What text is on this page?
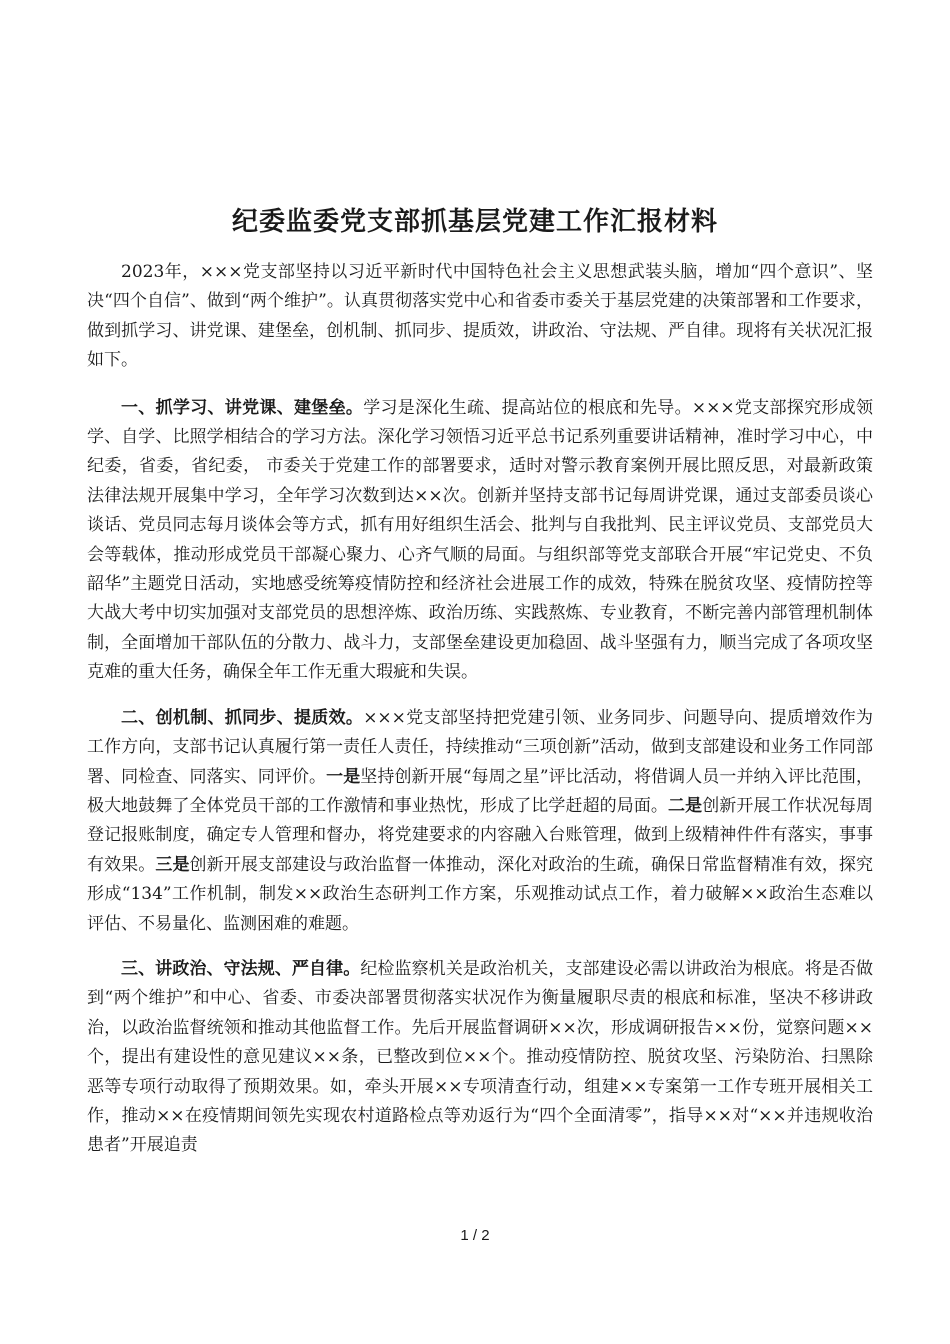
纪委监委党支部抓基层党建工作汇报材料

2023年，×××党支部坚持以习近平新时代中国特色社会主义思想武装头脑，增加“四个意识”、坚决“四个自信”、做到“两个维护”。认真贯彻落实党中心和省委市委关于基层党建的决策部署和工作要求，做到抓学习、讲党课、建堡垒，创机制、抓同步、提质效，讲政治、守法规、严自律。现将有关状况汇报如下。

一、抓学习、讲党课、建堡垒。学习是深化生疏、提高站位的根底和先导。×××党支部探究形成领学、自学、比照学相结合的学习方法。深化学习领悟习近平总书记系列重要讲话精神，准时学习中心，中纪委，省委，省纪委， 市委关于党建工作的部署要求，适时对警示教育案例开展比照反思，对最新政策法律法规开展集中学习，全年学习次数到达××次。创新并坚持支部书记每周讲党课，通过支部委员谈心谈话、党员同志每月谈体会等方式，抓有用好组织生活会、批判与自我批判、民主评议党员、支部党员大会等载体，推动形成党员干部凝心聚力、心齐气顺的局面。与组织部等党支部联合开展“牢记党史、不负韶华”主题党日活动，实地感受统筹疫情防控和经济社会进展工作的成效，特殊在脱贫攻坚、疫情防控等大战大考中切实加强对支部党员的思想淬炼、政治历练、实践熬炼、专业教育，不断完善内部管理机制体制，全面增加干部队伍的分散力、战斗力，支部堡垒建设更加稳固、战斗坚强有力，顺当完成了各项攻坚克难的重大任务，确保全年工作无重大瑕疵和失误。

二、创机制、抓同步、提质效。×××党支部坚持把党建引领、业务同步、问题导向、提质增效作为工作方向，支部书记认真履行第一责任人责任，持续推动“三项创新”活动，做到支部建设和业务工作同部署、同检查、同落实、同评价。一是坚持创新开展“每周之星”评比活动，将借调人员一并纳入评比范围，极大地鼓舞了全体党员干部的工作激情和事业热忱，形成了比学赶超的局面。二是创新开展工作状况每周登记报账制度，确定专人管理和督办，将党建要求的内容融入台账管理，做到上级精神件件有落实，事事有效果。三是创新开展支部建设与政治监督一体推动，深化对政治的生疏，确保日常监督精准有效，探究形成“134”工作机制，制发××政治生态研判工作方案，乐观推动试点工作，着力破解××政治生态难以评估、不易量化、监测困难的难题。

三、讲政治、守法规、严自律。纪检监察机关是政治机关，支部建设必需以讲政治为根底。将是否做到“两个维护”和中心、省委、市委决部署贯彻落实状况作为衡量履职尽责的根底和标准，坚决不移讲政治，以政治监督统领和推动其他监督工作。先后开展监督调研××次，形成调研报告××份，觉察问题××个，提出有建设性的意见建议××条，已整改到位××个。推动疫情防控、脱贫攻坚、污染防治、扫黑除恶等专项行动取得了预期效果。如，牵头开展××专项清查行动，组建××专案第一工作专班开展相关工作，推动××在疫情期间领先实现农村道路检点等劝返行为“四个全面清零”，指导××对“××并违规收治患者”开展追责

1 / 2
